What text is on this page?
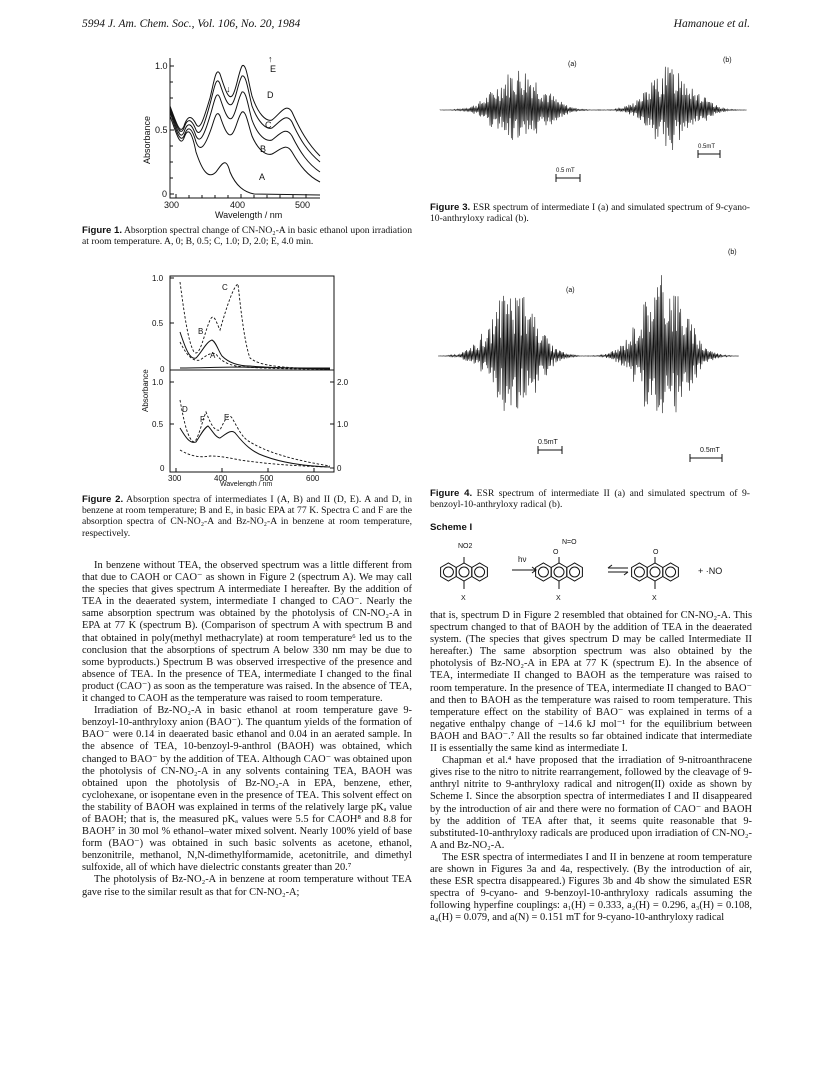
5994 J. Am. Chem. Soc., Vol. 106, No. 20, 1984	Hamanoue et al.
↑
↓
↑
E
D
C
B
A
1.0
0.5
0
300	400	500
Wavelength / nm
Absorbance
Figure 1. Absorption spectral change of CN-NO₂-A in basic ethanol upon irradiation at room temperature. A, 0; B, 0.5; C, 1.0; D, 2.0; E, 4.0 min.
C
B
A
D
F E
1.0
0.5
0
1.0
0.5
0
2.0
1.0
0
300	400	500	600
Wavelength / nm
Absorbance
Figure 2. Absorption spectra of intermediates I (A, B) and II (D, E). A and D, in benzene at room temperature; B and E, in basic EPA at 77 K. Spectra C and F are the absorption spectra of CN-NO₂-A and Bz-NO₂-A in benzene at room temperature, respectively.

In benzene without TEA, the observed spectrum was a little different from that due to CAOH or CAO⁻ as shown in Figure 2 (spectrum A). We may call the species that gives spectrum A intermediate I hereafter. By the addition of TEA in the deaerated system, intermediate I changed to CAO⁻. Nearly the same absorption spectrum was obtained by the photolysis of CN-NO₂-A in EPA at 77 K (spectrum B). (Comparison of spectrum A with spectrum B and that obtained in poly(methyl methacrylate) at room temperature⁶ led us to the conclusion that the absorptions of spectrum A below 330 nm may be due to some byproducts.) Spectrum B was observed irrespective of the presence and absence of TEA. In the presence of TEA, intermediate I changed to the final product (CAO⁻) as soon as the temperature was raised. In the absence of TEA, it changed to CAOH as the temperature was raised to room temperature.

Irradiation of Bz-NO₂-A in basic ethanol at room temperature gave 9-benzoyl-10-anthryloxy anion (BAO⁻). The quantum yields of the formation of BAO⁻ were 0.14 in deaerated basic ethanol and 0.04 in an aerated sample. In the absence of TEA, 10-benzoyl-9-anthrol (BAOH) was obtained, which changed to BAO⁻ by the addition of TEA. Although CAO⁻ was obtained upon the photolysis of CN-NO₂-A in any solvents containing TEA, BAOH was obtained upon the photolysis of Bz-NO₂-A in EPA, benzene, ether, cyclohexane, or isopentane even in the presence of TEA. This solvent effect on the stability of BAOH was explained in terms of the relatively large pKₐ value of BAOH; that is, the measured pKₐ values were 5.5 for CAOH⁸ and 8.8 for BAOH⁷ in 30 mol % ethanol–water mixed solvent. Nearly 100% yield of base form (BAO⁻) was obtained in such basic solvents as acetone, ethanol, benzonitrile, methanol, N,N-dimethylformamide, acetonitrile, and dimethyl sulfoxide, all of which have dielectric constants greater than 20.⁷

The photolysis of Bz-NO₂-A in benzene at room temperature without TEA gave rise to the similar result as that for CN-NO₂-A;

(a)
(b)
0.5 mT
0.5mT
Figure 3. ESR spectrum of intermediate I (a) and simulated spectrum of 9-cyano-10-anthryloxy radical (b).
(b)
(a)
0.5mT
0.5mT
Figure 4. ESR spectrum of intermediate II (a) and simulated spectrum of 9-benzoyl-10-anthryloxy radical (b).
Scheme I
NO2
N=O
O	O
hν
+ ·NO
X	X	X

that is, spectrum D in Figure 2 resembled that obtained for CN-NO₂-A. This spectrum changed to that of BAOH by the addition of TEA in the deaerated system. (The species that gives spectrum D may be called Intermediate II hereafter.) The same absorption spectrum was also obtained by the photolysis of Bz-NO₂-A in EPA at 77 K (spectrum E). In the absence of TEA, intermediate II changed to BAOH as the temperature was raised to room temperature. In the presence of TEA, intermediate II changed to BAO⁻ and then to BAOH as the temperature was raised to room temperature. This temperature effect on the stability of BAO⁻ was explained in terms of a negative enthalpy change of −14.6 kJ mol⁻¹ for the equilibrium between BAOH and BAO⁻.⁷ All the results so far obtained indicate that intermediate II is essentially the same kind as intermediate I.

Chapman et al.⁴ have proposed that the irradiation of 9-nitroanthracene gives rise to the nitro to nitrite rearrangement, followed by the cleavage of 9-anthryl nitrite to 9-anthryloxy radical and nitrogen(II) oxide as shown by Scheme I. Since the absorption spectra of intermediates I and II disappeared by the introduction of air and there were no formation of CAO⁻ and BAOH by the addition of TEA after that, it seems quite reasonable that 9-substituted-10-anthryloxy radicals are produced upon irradiation of CN-NO₂-A and Bz-NO₂-A.

The ESR spectra of intermediates I and II in benzene at room temperature are shown in Figures 3a and 4a, respectively. (By the introduction of air, these ESR spectra disappeared.) Figures 3b and 4b show the simulated ESR spectra of 9-cyano- and 9-benzoyl-10-anthryloxy radicals assuming the following hyperfine couplings: a₁(H) = 0.333, a₂(H) = 0.296, a₃(H) = 0.108, a₄(H) = 0.079, and a(N) = 0.151 mT for 9-cyano-10-anthryloxy radical
